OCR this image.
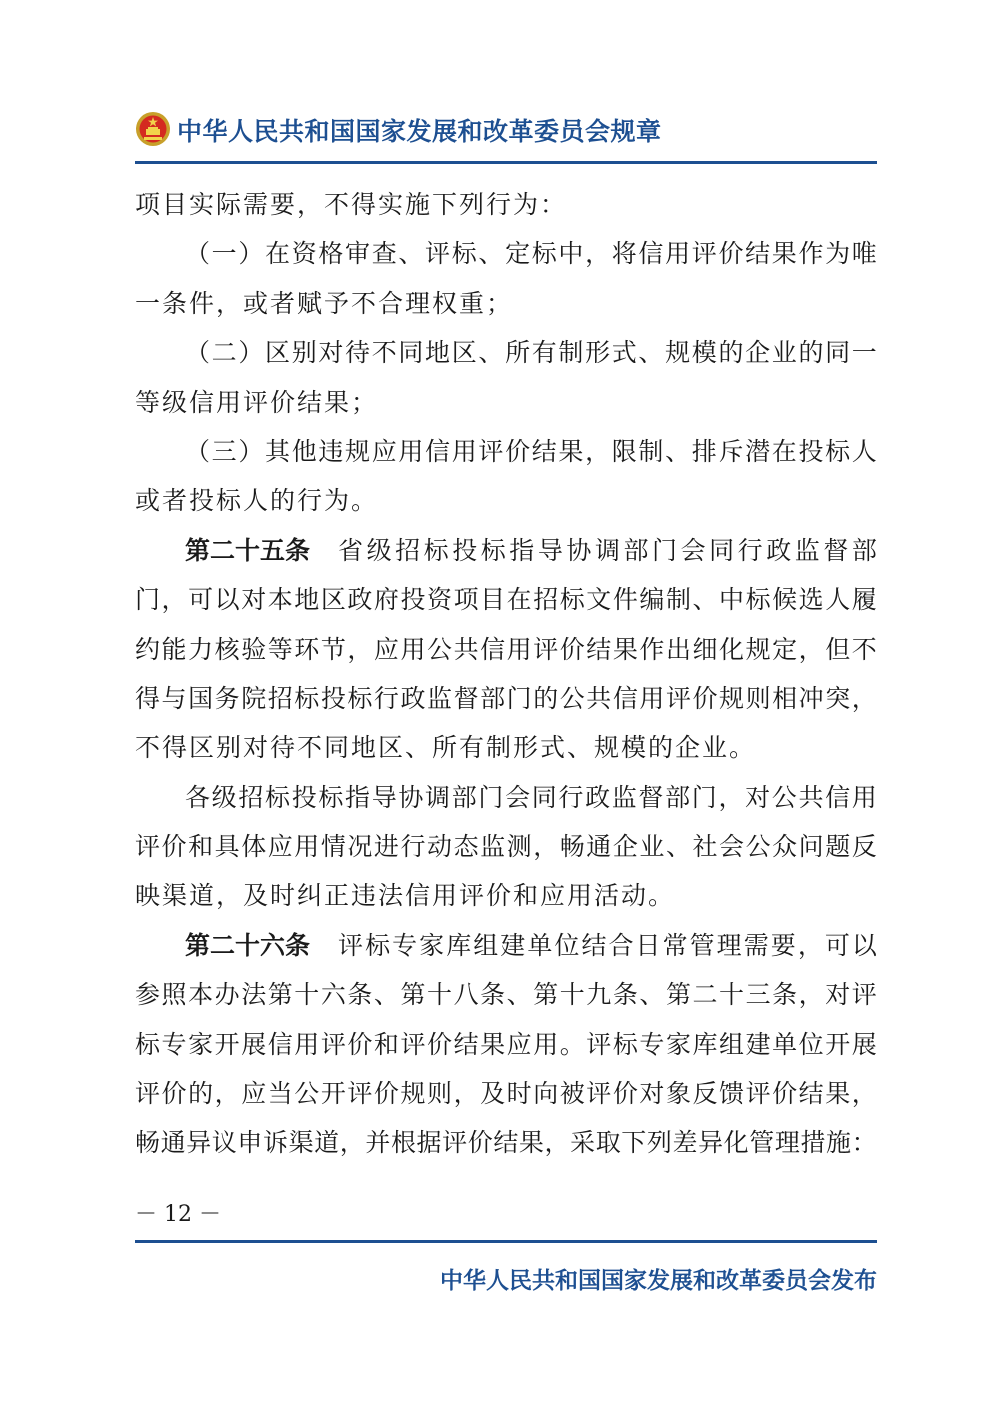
中华人民共和国国家发展和改革委员会规章
项目实际需要，不得实施下列行为：
（ 一 ） 在 资 格 审 查 、 评 标 、 定 标 中 ， 将 信 用 评 价 结 果 作 为 唯
一条件，或者赋予不合理权重；
（ 二 ） 区 别 对 待 不 同 地 区 、 所 有 制 形 式 、 规 模 的 企 业 的 同 一
等级信用评价结果；
（ 三 ） 其 他 违 规 应 用 信 用 评 价 结 果 ， 限 制 、 排 斥 潜 在 投 标 人
或者投标人的行为。
第二十五条 省 级 招 标 投 标 指 导 协 调 部 门 会 同 行 政 监 督 部
门 ， 可 以 对 本 地 区 政 府 投 资 项 目 在 招 标 文 件 编 制 、 中 标 候 选 人 履
约 能 力 核 验 等 环 节 ， 应 用 公 共 信 用 评 价 结 果 作 出 细 化 规 定 ， 但 不
得 与 国 务 院 招 标 投 标 行 政 监 督 部 门 的 公 共 信 用 评 价 规 则 相 冲 突 ，
不得区别对待不同地区、所有制形式、规模的企业。
各 级 招 标 投 标 指 导 协 调 部 门 会 同 行 政 监 督 部 门 ， 对 公 共 信 用
评 价 和 具 体 应 用 情 况 进 行 动 态 监 测 ， 畅 通 企 业 、 社 会 公 众 问 题 反
映渠道，及时纠正违法信用评价和应用活动。
第二十六条 评 标 专 家 库 组 建 单 位 结 合 日 常 管 理 需 要 ， 可 以
参 照 本 办 法 第 十 六 条 、 第 十 八 条 、 第 十 九 条 、 第 二 十 三 条 ， 对 评
标 专 家 开 展 信 用 评 价 和 评 价 结 果 应 用 。 评 标 专 家 库 组 建 单 位 开 展
评 价 的 ， 应 当 公 开 评 价 规 则 ， 及 时 向 被 评 价 对 象 反 馈 评 价 结 果 ，
畅 通 异 议 申 诉 渠 道 ， 并 根 据 评 价 结 果 ， 采 取 下 列 差 异 化 管 理 措 施 ：
－ 12 －
中华人民共和国国家发展和改革委员会发布
